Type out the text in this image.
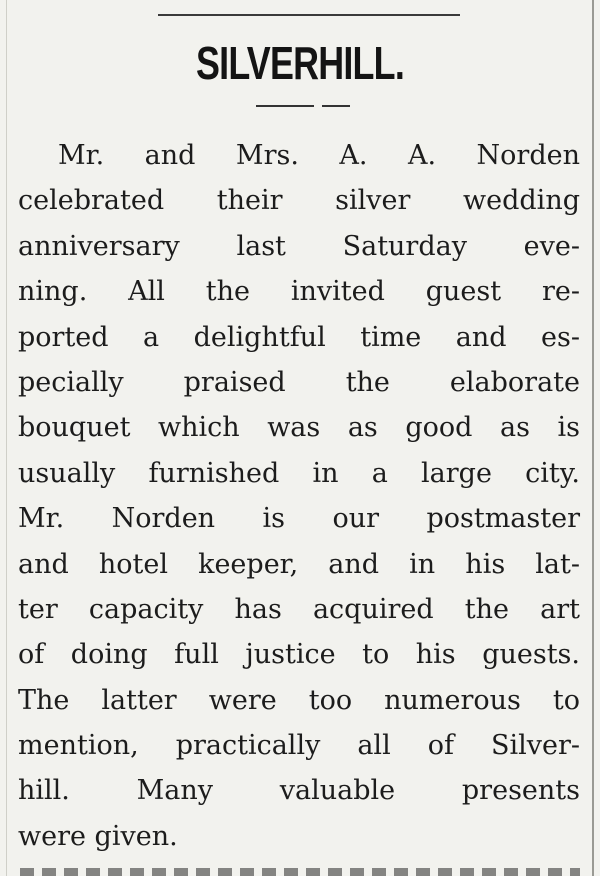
SILVERHILL.

Mr. and Mrs. A. A. Norden
celebrated their silver wedding
anniversary last Saturday eve-
ning. All the invited guest re-
ported a delightful time and es-
pecially praised the elaborate
bouquet which was as good as is
usually furnished in a large city.
Mr. Norden is our postmaster
and hotel keeper, and in his lat-
ter capacity has acquired the art
of doing full justice to his guests.
The latter were too numerous to
mention, practically all of Silver-
hill. Many valuable presents
were given.
